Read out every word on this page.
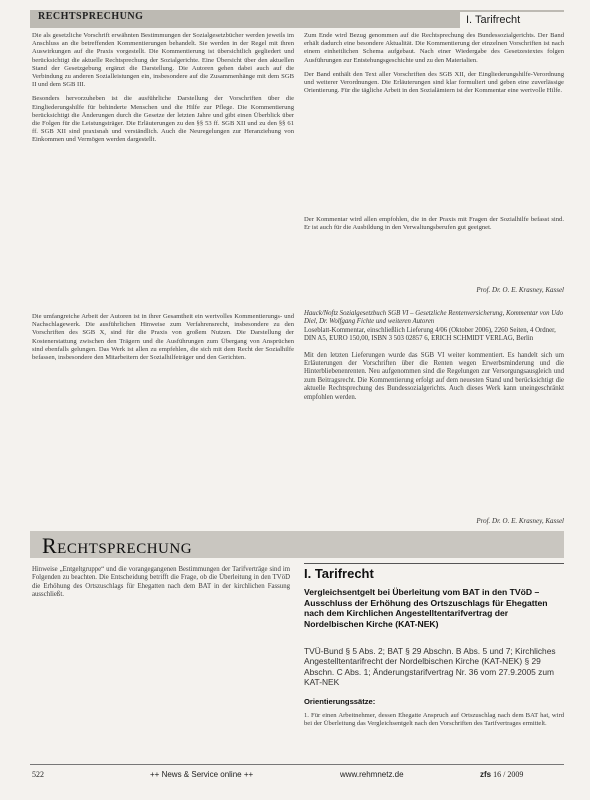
RECHTSPRECHUNG	I. Tarifrecht

Die als gesetzliche Vorschrift erwähnten Bestimmungen der Sozialgesetzbücher werden jeweils im Anschluss an die betreffenden Kommentierungen behandelt. Sie werden in der Regel mit ihren Auswirkungen auf die Praxis vorgestellt. Die Kommentierung ist übersichtlich gegliedert und berücksichtigt die aktuelle Rechtsprechung der Sozialgerichte. Eine Übersicht über den aktuellen Stand der Gesetzgebung ergänzt die Darstellung. Die Autoren gehen dabei auch auf die Verbindung zu anderen Sozialleistungen ein, insbesondere auf die Zusammenhänge mit dem SGB II und dem SGB III.

Besonders hervorzuheben ist die ausführliche Darstellung der Vorschriften über die Eingliederungshilfe für behinderte Menschen und die Hilfe zur Pflege. Die Kommentierung berücksichtigt die Änderungen durch die Gesetze der letzten Jahre und gibt einen Überblick über die Folgen für die Leistungsträger. Die Erläuterungen zu den §§ 53 ff. SGB XII und zu den §§ 61 ff. SGB XII sind praxisnah und verständlich. Auch die Neuregelungen zur Heranziehung von Einkommen und Vermögen werden dargestellt.

Die umfangreiche Arbeit der Autoren ist in ihrer Gesamtheit ein wertvolles Kommentierungs- und Nachschlagewerk. Die ausführlichen Hinweise zum Verfahrensrecht, insbesondere zu den Vorschriften des SGB X, sind für die Praxis von großem Nutzen. Die Darstellung der Kostenerstattung zwischen den Trägern und die Ausführungen zum Übergang von Ansprüchen sind ebenfalls gelungen. Das Werk ist allen zu empfehlen, die sich mit dem Recht der Sozialhilfe befassen, insbesondere den Mitarbeitern der Sozialhilfeträger und den Gerichten.

Zum Ende wird Bezug genommen auf die Rechtsprechung des Bundessozialgerichts. Der Band erhält dadurch eine besondere Aktualität. Die Kommentierung der einzelnen Vorschriften ist nach einem einheitlichen Schema aufgebaut. Nach einer Wiedergabe des Gesetzestextes folgen Ausführungen zur Entstehungsgeschichte und zu den Materialien.

Der Band enthält den Text aller Vorschriften des SGB XII, der Eingliederungshilfe-Verordnung und weiterer Verordnungen. Die Erläuterungen sind klar formuliert und geben eine zuverlässige Orientierung. Für die tägliche Arbeit in den Sozialämtern ist der Kommentar eine wertvolle Hilfe.

Der Kommentar wird allen empfohlen, die in der Praxis mit Fragen der Sozialhilfe befasst sind. Er ist auch für die Ausbildung in den Verwaltungsberufen gut geeignet.

Prof. Dr. O. E. Krasney, Kassel
Hauck/Noftz Sozialgesetzbuch SGB VI – Gesetzliche Rentenversicherung, Kommentar von Udo Diel, Dr. Wolfgang Fichte und weiteren Autoren
Loseblatt-Kommentar, einschließlich Lieferung 4/06 (Oktober 2006), 2260 Seiten, 4 Ordner, DIN A5, EURO 150,00, ISBN 3 503 02857 6, ERICH SCHMIDT VERLAG, Berlin
Mit den letzten Lieferungen wurde das SGB VI weiter kommentiert. Es handelt sich um Erläuterungen der Vorschriften über die Renten wegen Erwerbsminderung und die Hinterbliebenenrenten. Neu aufgenommen sind die Regelungen zur Versorgungsausgleich und zum Beitragsrecht. Die Kommentierung erfolgt auf dem neuesten Stand und berücksichtigt die aktuelle Rechtsprechung des Bundessozialgerichts. Auch dieses Werk kann uneingeschränkt empfohlen werden.
Prof. Dr. O. E. Krasney, Kassel
Rechtsprechung

Hinweise „Entgeltgruppe“ und die vorangegangenen Bestimmungen der Tarifverträge sind im Folgenden zu beachten. Die Entscheidung betrifft die Frage, ob die Überleitung in den TVöD die Erhöhung des Ortszuschlags für Ehegatten nach dem BAT in der kirchlichen Fassung ausschließt.

I. Tarifrecht
Vergleichsentgelt bei Überleitung vom BAT in den TVöD – Ausschluss der Erhöhung des Ortszuschlags für Ehegatten nach dem Kirchlichen Angestelltentarifvertrag der Nordelbischen Kirche (KAT-NEK)
TVÜ-Bund § 5 Abs. 2; BAT § 29 Abschn. B Abs. 5 und 7; Kirchliches Angestelltentarifrecht der Nordelbischen Kirche (KAT-NEK) § 29 Abschn. C Abs. 1; Änderungstarifvertrag Nr. 36 vom 27.9.2005 zum KAT-NEK
Orientierungssätze:
1. Für einen Arbeitnehmer, dessen Ehegatte Anspruch auf Ortszuschlag nach dem BAT hat, wird bei der Überleitung das Vergleichsentgelt nach den Vorschriften des Tarifvertrages ermittelt.
522	++ News & Service online ++	www.rehmnetz.de	zfs 16 / 2009
